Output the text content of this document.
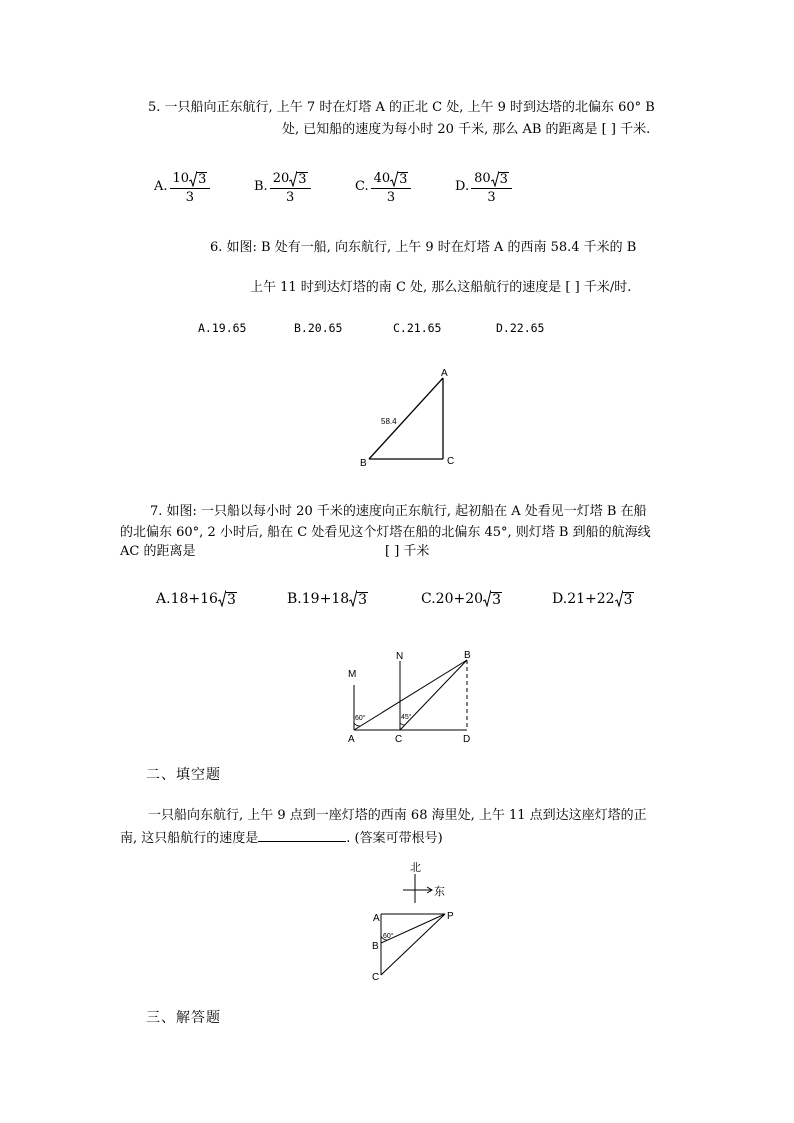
5. 一只船向正东航行, 上午 7 时在灯塔 A 的正北 C 处, 上午 9 时到达塔的北偏东 60° B
处, 已知船的速度为每小时 20 千米, 那么 AB 的距离是 [ ] 千米.
A. $\frac{10 3}{3}$	B. $\frac{20 3}{3}$	C. $\frac{40 3}{3}$	D. $\frac{80 3}{3}$
6. 如图: B 处有一船, 向东航行, 上午 9 时在灯塔 A 的西南 58.4 千米的 B
上午 11 时到达灯塔的南 C 处, 那么这船航行的速度是 [ ] 千米/时.
A.19.65	B.20.65	C.21.65	D.22.65
A
B	C
58.4
7. 如图: 一只船以每小时 20 千米的速度向正东航行, 起初船在 A 处看见一灯塔 B 在船
的北偏东 60°, 2 小时后, 船在 C 处看见这个灯塔在船的北偏东 45°, 则灯塔 B 到船的航海线
AC 的距离是	[ ] 千米
A. 18 + 16 3	B. 19 + 18 3	C. 20 + 20 3	D. 21 + 22 3
M
N	B
A	C	D
60°	45°
二、填空题
一只船向东航行, 上午 9 点到一座灯塔的西南 68 海里处, 上午 11 点到达这座灯塔的正
南, 这只船航行的速度是	. (答案可带根号)
北
东
A
B
C
P
60°
三、解答题
